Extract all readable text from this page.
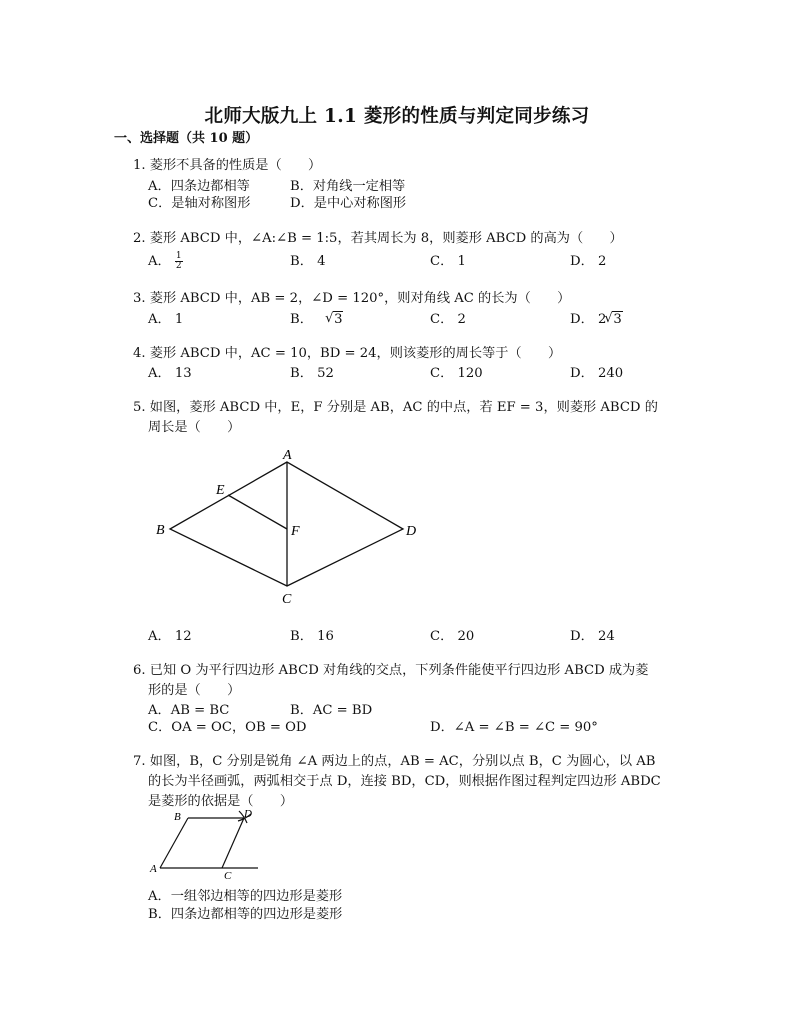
北师大版九上 1.1 菱形的性质与判定同步练习
一、选择题（共 10 题）
1. 菱形不具备的性质是（　　）
A．四条边都相等	B．对角线一定相等
C．是轴对称图形	D．是中心对称图形
2. 菱形 ABCD 中，∠A:∠B = 1:5，若其周长为 8，则菱形 ABCD 的高为（　　）
A． $\frac{1}{2}$	B． 4	C． 1	D． 2
3. 菱形 ABCD 中，AB = 2，∠D = 120°，则对角线 AC 的长为（　　）
A． 1	B． √ 3	C． 2	D． 2 √ 3
4. 菱形 ABCD 中，AC = 10，BD = 24，则该菱形的周长等于（　　）
A． 13	B． 52	C． 120	D． 240
5. 如图，菱形 ABCD 中，E，F 分别是 AB，AC 的中点，若 EF = 3，则菱形 ABCD 的
周长是（　　）
A
B
C
D
E
F
A． 12	B． 16	C． 20	D． 24
6. 已知 O 为平行四边形 ABCD 对角线的交点，下列条件能使平行四边形 ABCD 成为菱
形的是（　　）
A．AB = BC	B．AC = BD
C．OA = OC，OB = OD	D．∠A = ∠B = ∠C = 90°
7. 如图，B，C 分别是锐角 ∠A 两边上的点，AB = AC，分别以点 B，C 为圆心，以 AB
的长为半径画弧，两弧相交于点 D，连接 BD，CD，则根据作图过程判定四边形 ABDC
是菱形的依据是（　　）
B	D
A
C
A．一组邻边相等的四边形是菱形
B．四条边都相等的四边形是菱形
